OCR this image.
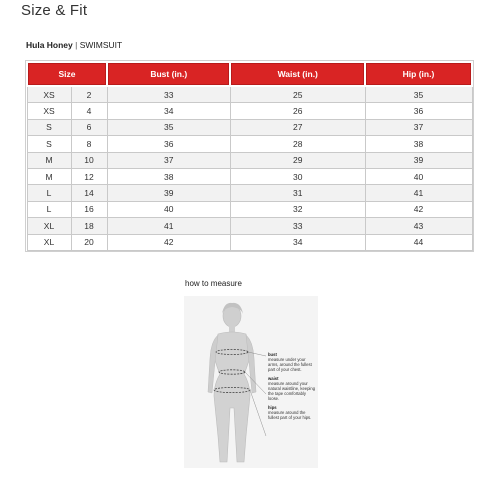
Size & Fit
Hula Honey | SWIMSUIT
Size		Bust (in.)	Waist (in.)	Hip (in.)
XS	2	33	25	35
XS	4	34	26	36
S	6	35	27	37
S	8	36	28	38
M	10	37	29	39
M	12	38	30	40
L	14	39	31	41
L	16	40	32	42
XL	18	41	33	43
XL	20	42	34	44
how to measure
bust
measure under your arms, around the fullest part of your chest.
waist
measure around your natural waistline, keeping the tape comfortably loose.
hips
measure around the fullest part of your hips.
